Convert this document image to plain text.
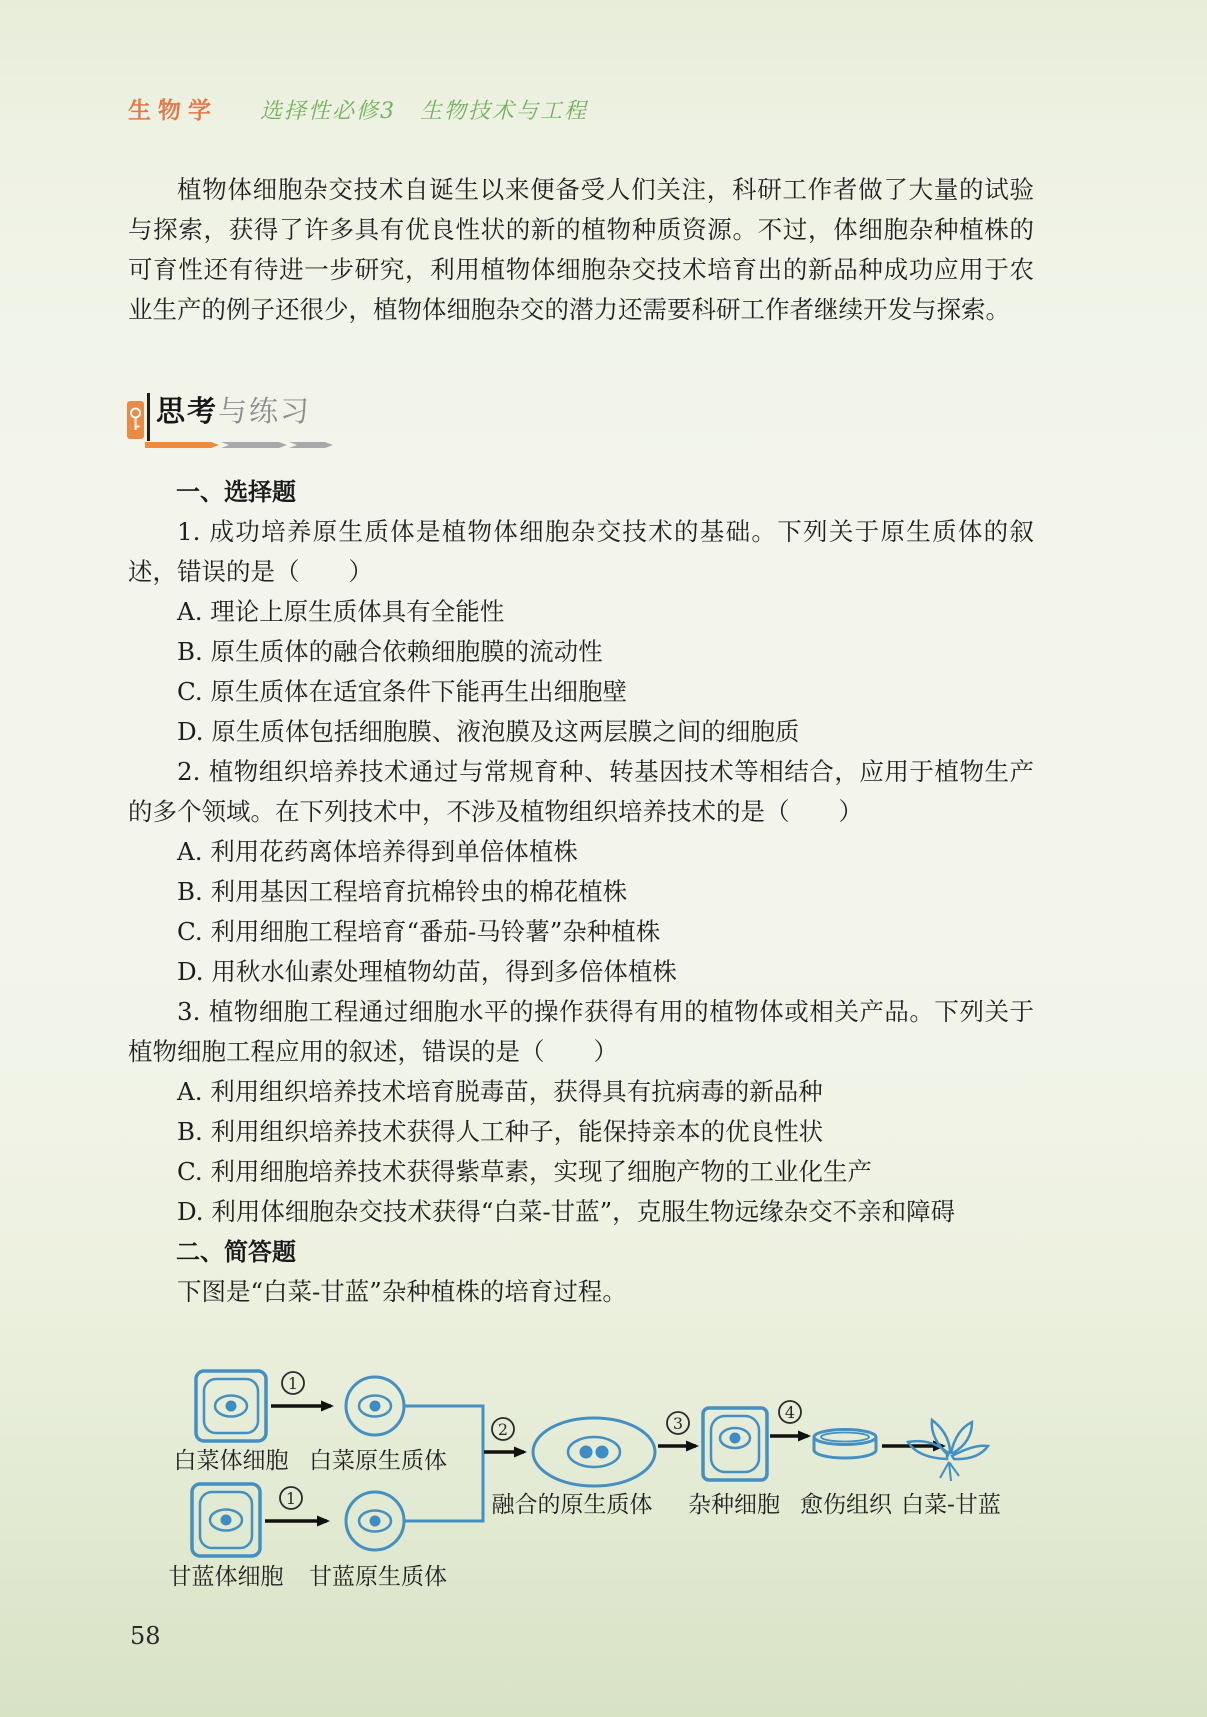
生物学 选择性必修3　生物技术与工程

植物体细胞杂交技术自诞生以来便备受人们关注，科研工作者做了大量的试验与探索，获得了许多具有优良性状的新的植物种质资源。不过，体细胞杂种植株的可育性还有待进一步研究，利用植物体细胞杂交技术培育出的新品种成功应用于农业生产的例子还很少，植物体细胞杂交的潜力还需要科研工作者继续开发与探索。

思考与练习

一、选择题

1. 成功培养原生质体是植物体细胞杂交技术的基础。下列关于原生质体的叙述，错误的是（　　）

A. 理论上原生质体具有全能性

B. 原生质体的融合依赖细胞膜的流动性

C. 原生质体在适宜条件下能再生出细胞壁

D. 原生质体包括细胞膜、液泡膜及这两层膜之间的细胞质

2. 植物组织培养技术通过与常规育种、转基因技术等相结合，应用于植物生产的多个领域。在下列技术中，不涉及植物组织培养技术的是（　　）

A. 利用花药离体培养得到单倍体植株

B. 利用基因工程培育抗棉铃虫的棉花植株

C. 利用细胞工程培育“番茄-马铃薯”杂种植株

D. 用秋水仙素处理植物幼苗，得到多倍体植株

3. 植物细胞工程通过细胞水平的操作获得有用的植物体或相关产品。下列关于植物细胞工程应用的叙述，错误的是（　　）

A. 利用组织培养技术培育脱毒苗，获得具有抗病毒的新品种

B. 利用组织培养技术获得人工种子，能保持亲本的优良性状

C. 利用细胞培养技术获得紫草素，实现了细胞产物的工业化生产

D. 利用体细胞杂交技术获得“白菜-甘蓝”，克服生物远缘杂交不亲和障碍

二、简答题

下图是“白菜-甘蓝”杂种植株的培育过程。

1
1
2	3
4
白菜体细胞 白菜原生质体
甘蓝体细胞 甘蓝原生质体
融合的原生质体 杂种细胞 愈伤组织 白菜-甘蓝
58
